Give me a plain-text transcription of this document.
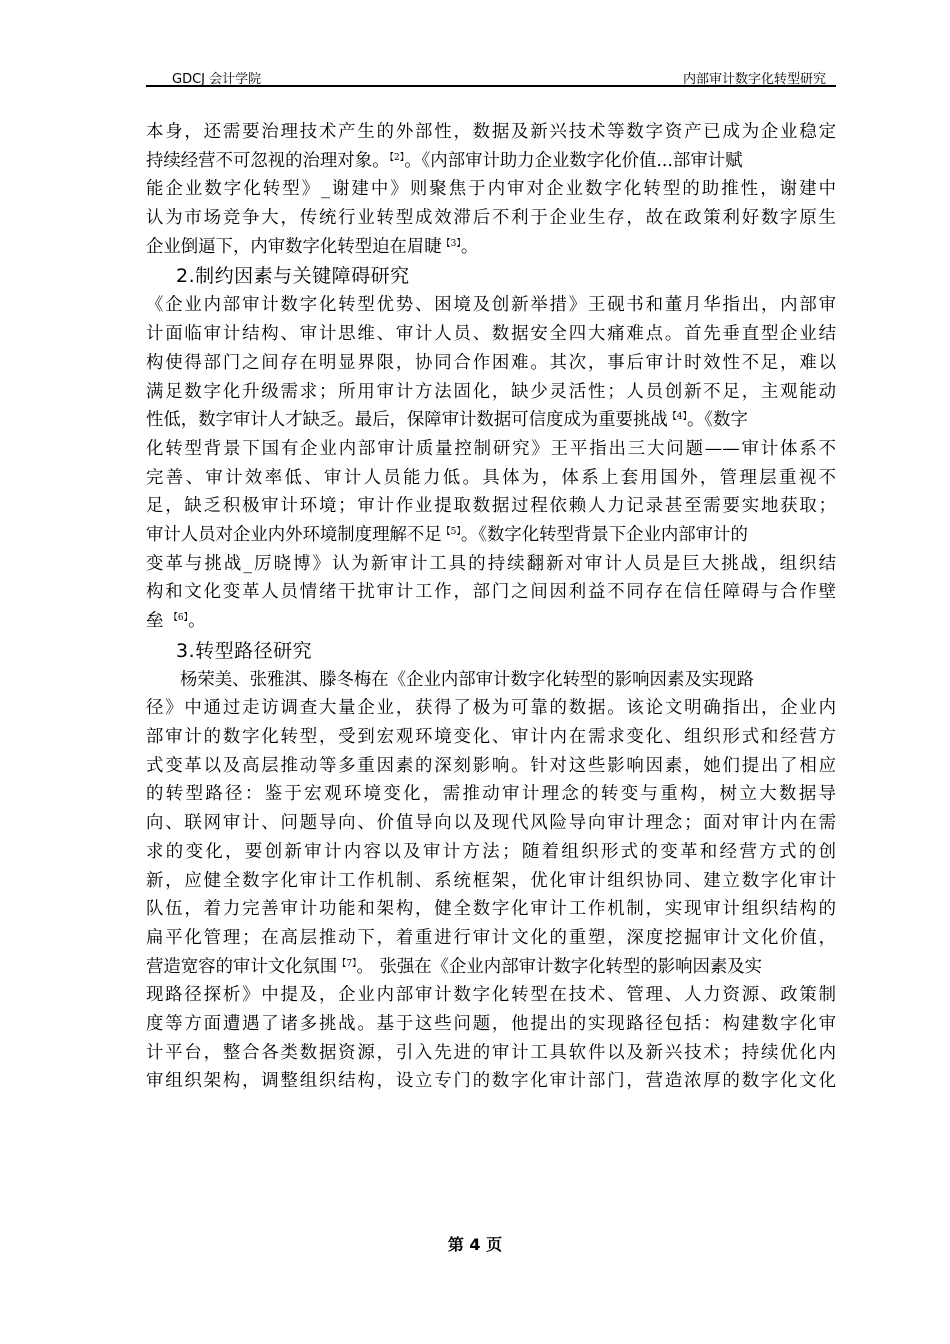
GDCJ 会计学院	内部审计数字化转型研究
本身，还需要治理技术产生的外部性，数据及新兴技术等数字资产已成为企业稳定
持续经营不可忽视的治理对象。$^{【2】}$。《内部审计助力企业数字化价值...部审计赋
能企业数字化转型》_谢建中》则聚焦于内审对企业数字化转型的助推性，谢建中
认为市场竞争大，传统行业转型成效滞后不利于企业生存，故在政策利好数字原生
企业倒逼下，内审数字化转型迫在眉睫$^{【3】}$。
2.制约因素与关键障碍研究
《企业内部审计数字化转型优势、困境及创新举措》王砚书和董月华指出，内部审
计面临审计结构、审计思维、审计人员、数据安全四大痛难点。首先垂直型企业结
构使得部门之间存在明显界限，协同合作困难。其次，事后审计时效性不足，难以
满足数字化升级需求；所用审计方法固化，缺少灵活性；人员创新不足，主观能动
性低，数字审计人才缺乏。最后，保障审计数据可信度成为重要挑战$^{【4】}$。《数字
化转型背景下国有企业内部审计质量控制研究》王平指出三大问题——审计体系不
完善、审计效率低、审计人员能力低。具体为，体系上套用国外，管理层重视不
足，缺乏积极审计环境；审计作业提取数据过程依赖人力记录甚至需要实地获取；
审计人员对企业内外环境制度理解不足$^{【5】}$。《数字化转型背景下企业内部审计的
变革与挑战_厉晓博》认为新审计工具的持续翻新对审计人员是巨大挑战，组织结
构和文化变革人员情绪干扰审计工作，部门之间因利益不同存在信任障碍与合作壁
垒 $^{【6】}$。
3.转型路径研究
杨荣美、张雅淇、滕冬梅在《企业内部审计数字化转型的影响因素及实现路
径》中通过走访调查大量企业，获得了极为可靠的数据。该论文明确指出，企业内
部审计的数字化转型，受到宏观环境变化、审计内在需求变化、组织形式和经营方
式变革以及高层推动等多重因素的深刻影响。针对这些影响因素，她们提出了相应
的转型路径：鉴于宏观环境变化，需推动审计理念的转变与重构，树立大数据导
向、联网审计、问题导向、价值导向以及现代风险导向审计理念；面对审计内在需
求的变化，要创新审计内容以及审计方法；随着组织形式的变革和经营方式的创
新，应健全数字化审计工作机制、系统框架，优化审计组织协同、建立数字化审计
队伍，着力完善审计功能和架构，健全数字化审计工作机制，实现审计组织结构的
扁平化管理；在高层推动下，着重进行审计文化的重塑，深度挖掘审计文化价值，
营造宽容的审计文化氛围$^{【7】}$。 张强在《企业内部审计数字化转型的影响因素及实
现路径探析》中提及，企业内部审计数字化转型在技术、管理、人力资源、政策制
度等方面遭遇了诸多挑战。基于这些问题，他提出的实现路径包括：构建数字化审
计平台，整合各类数据资源，引入先进的审计工具软件以及新兴技术；持续优化内
审组织架构，调整组织结构，设立专门的数字化审计部门，营造浓厚的数字化文化
第 4 页
